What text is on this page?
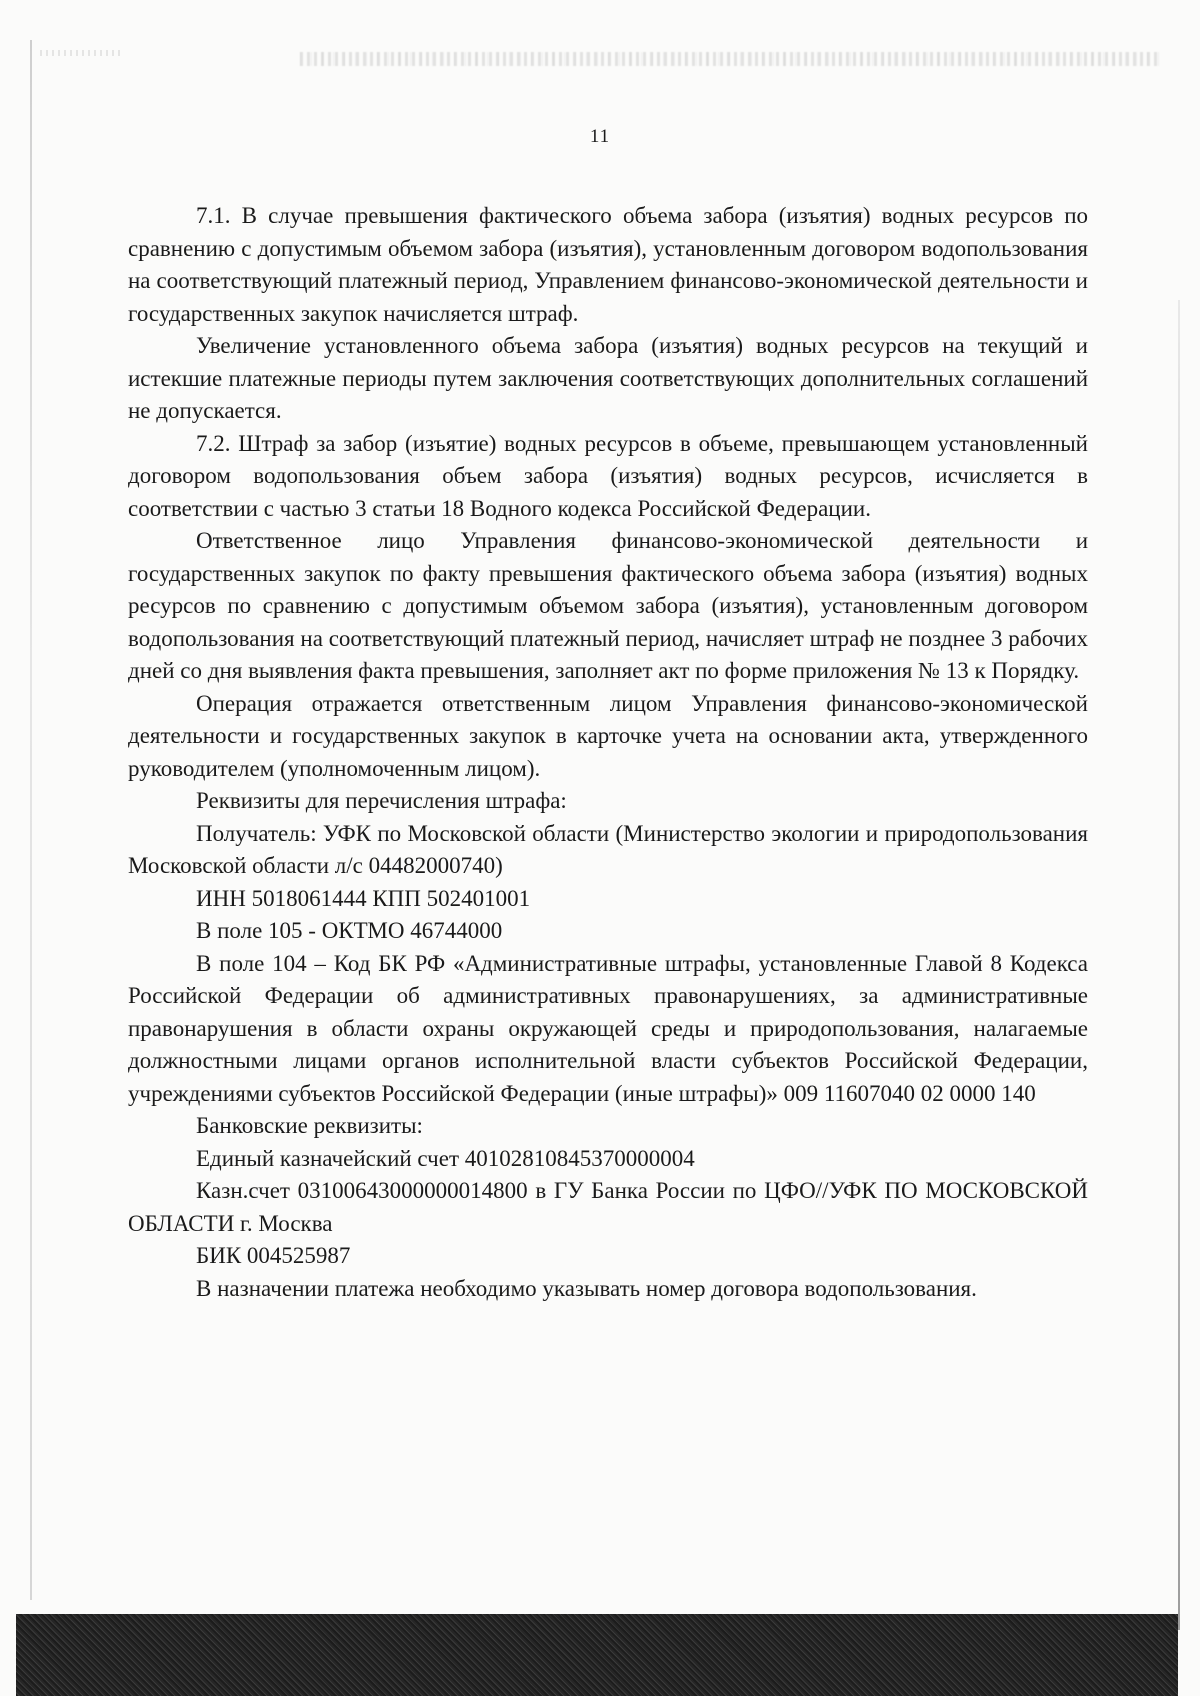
11

7.1. В случае превышения фактического объема забора (изъятия) водных ресурсов по сравнению с допустимым объемом забора (изъятия), установленным договором водопользования на соответствующий платежный период, Управлением финансово-экономической деятельности и государственных закупок начисляется штраф.

Увеличение установленного объема забора (изъятия) водных ресурсов на текущий и истекшие платежные периоды путем заключения соответствующих дополнительных соглашений не допускается.

7.2. Штраф за забор (изъятие) водных ресурсов в объеме, превышающем установленный договором водопользования объем забора (изъятия) водных ресурсов, исчисляется в соответствии с частью 3 статьи 18 Водного кодекса Российской Федерации.

Ответственное лицо Управления финансово-экономической деятельности и государственных закупок по факту превышения фактического объема забора (изъятия) водных ресурсов по сравнению с допустимым объемом забора (изъятия), установленным договором водопользования на соответствующий платежный период, начисляет штраф не позднее 3 рабочих дней со дня выявления факта превышения, заполняет акт по форме приложения № 13 к Порядку.

Операция отражается ответственным лицом Управления финансово-экономической деятельности и государственных закупок в карточке учета на основании акта, утвержденного руководителем (уполномоченным лицом).

Реквизиты для перечисления штрафа:

Получатель: УФК по Московской области (Министерство экологии и природопользования Московской области л/с 04482000740)

ИНН 5018061444 КПП 502401001

В поле 105 - ОКТМО 46744000

В поле 104 – Код БК РФ «Административные штрафы, установленные Главой 8 Кодекса Российской Федерации об административных правонарушениях, за административные правонарушения в области охраны окружающей среды и природопользования, налагаемые должностными лицами органов исполнительной власти субъектов Российской Федерации, учреждениями субъектов Российской Федерации (иные штрафы)» 009 11607040 02 0000 140

Банковские реквизиты:

Единый казначейский счет 40102810845370000004

Казн.счет 03100643000000014800 в ГУ Банка России по ЦФО//УФК ПО МОСКОВСКОЙ ОБЛАСТИ г. Москва

БИК 004525987

В назначении платежа необходимо указывать номер договора водопользования.
